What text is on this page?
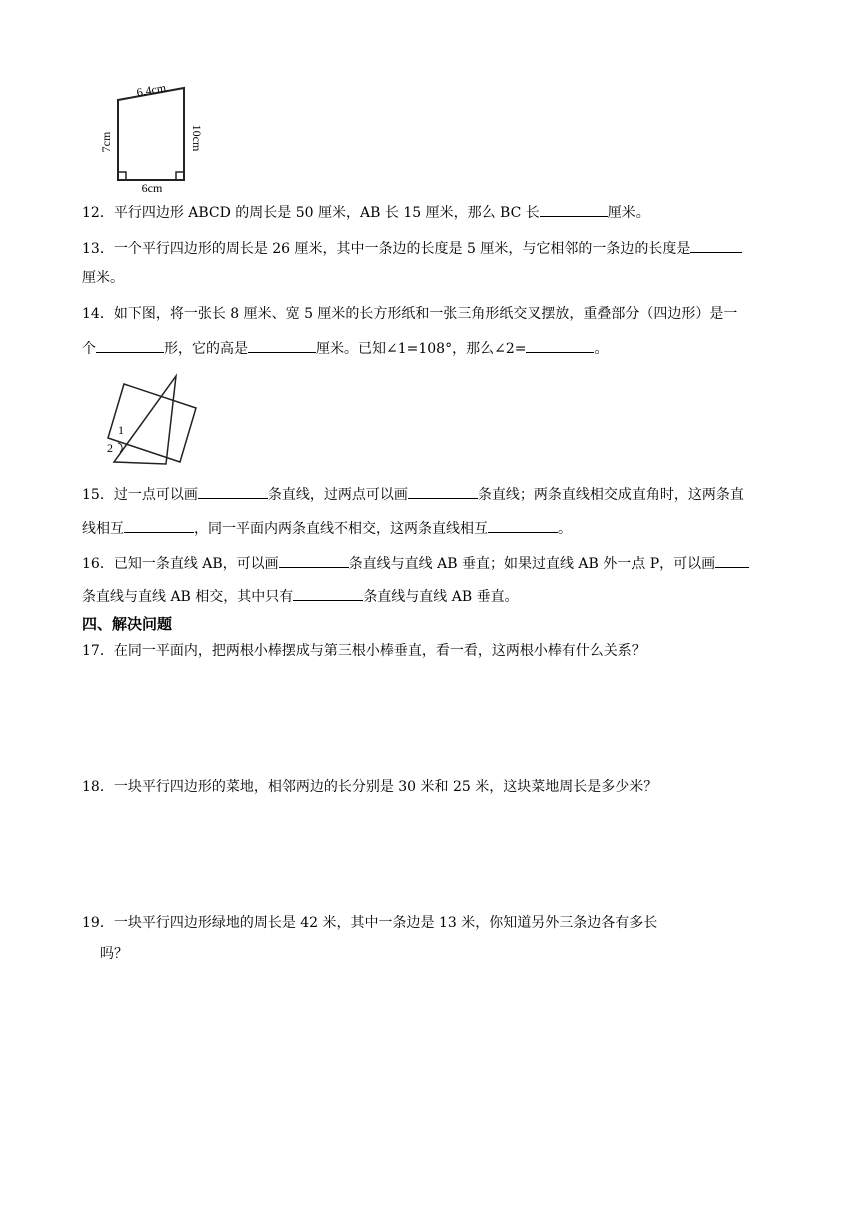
6.4cm
7cm	10cm
6cm
12．平行四边形 ABCD 的周长是 50 厘米，AB 长 15 厘米，那么 BC 长	厘米。
13．一个平行四边形的周长是 26 厘米，其中一条边的长度是 5 厘米，与它相邻的一条边的长度是
厘米。
14．如下图，将一张长 8 厘米、宽 5 厘米的长方形纸和一张三角形纸交叉摆放，重叠部分（四边形）是一
个	形，它的高是	厘米。已知∠1=108°，那么∠2=	。
1
2
15．过一点可以画	条直线，过两点可以画	条直线；两条直线相交成直角时，这两条直
线相互	，同一平面内两条直线不相交，这两条直线相互	。
16．已知一条直线 AB，可以画	条直线与直线 AB 垂直；如果过直线 AB 外一点 P，可以画
条直线与直线 AB 相交，其中只有	条直线与直线 AB 垂直。
四、解决问题
17．在同一平面内，把两根小棒摆成与第三根小棒垂直，看一看，这两根小棒有什么关系？
18．一块平行四边形的菜地，相邻两边的长分别是 30 米和 25 米，这块菜地周长是多少米？
19．一块平行四边形绿地的周长是 42 米，其中一条边是 13 米，你知道另外三条边各有多长
吗？
